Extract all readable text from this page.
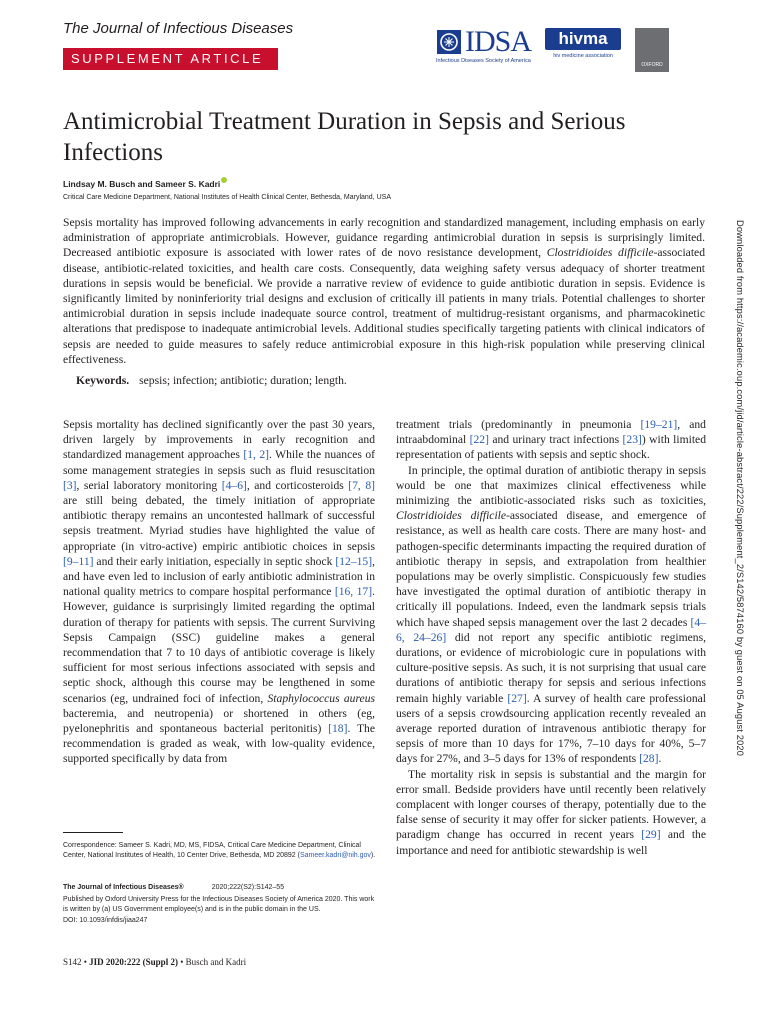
The Journal of Infectious Diseases
SUPPLEMENT ARTICLE
IDSA
Infectious Diseases Society of America
hivma
hiv medicine association
OXFORD
Antimicrobial Treatment Duration in Sepsis and Serious Infections
Lindsay M. Busch and Sameer S. Kadri
Critical Care Medicine Department, National Institutes of Health Clinical Center, Bethesda, Maryland, USA

Sepsis mortality has improved following advancements in early recognition and standardized management, including emphasis on early administration of appropriate antimicrobials. However, guidance regarding antimicrobial duration in sepsis is surprisingly limited. Decreased antibiotic exposure is associated with lower rates of de novo resistance development, Clostridioides difficile-associated disease, antibiotic-related toxicities, and health care costs. Consequently, data weighing safety versus adequacy of shorter treatment durations in sepsis would be beneficial. We provide a narrative review of evidence to guide antibiotic duration in sepsis. Evidence is significantly limited by noninferiority trial designs and exclusion of critically ill patients in many trials. Potential challenges to shorter antimicrobial duration in sepsis include inadequate source control, treatment of multidrug-resistant organisms, and pharmacokinetic alterations that predispose to inadequate antimicrobial levels. Additional studies specifically targeting patients with clinical indicators of sepsis are needed to guide measures to safely reduce antimicrobial exposure in this high-risk population while preserving clinical effectiveness.

Keywords. sepsis; infection; antibiotic; duration; length.

Sepsis mortality has declined significantly over the past 30 years, driven largely by improvements in early recognition and standardized management approaches [1, 2]. While the nuances of some management strategies in sepsis such as fluid resuscitation [3], serial laboratory monitoring [4–6], and corticosteroids [7, 8] are still being debated, the timely initiation of appropriate antibiotic therapy remains an uncontested hallmark of successful sepsis treatment. Myriad studies have highlighted the value of appropriate (in vitro-active) empiric antibiotic choices in sepsis [9–11] and their early initiation, especially in septic shock [12–15], and have even led to inclusion of early antibiotic administration in national quality metrics to compare hospital performance [16, 17]. However, guidance is surprisingly limited regarding the optimal duration of therapy for patients with sepsis. The current Surviving Sepsis Campaign (SSC) guideline makes a general recommendation that 7 to 10 days of antibiotic coverage is likely sufficient for most serious infections associated with sepsis and septic shock, although this course may be lengthened in some scenarios (eg, undrained foci of infection, Staphylococcus aureus bacteremia, and neutropenia) or shortened in others (eg, pyelonephritis and spontaneous bacterial peritonitis) [18]. The recommendation is graded as weak, with low-quality evidence, supported specifically by data from

treatment trials (predominantly in pneumonia [19–21], and intraabdominal [22] and urinary tract infections [23]) with limited representation of patients with sepsis and septic shock.

In principle, the optimal duration of antibiotic therapy in sepsis would be one that maximizes clinical effectiveness while minimizing the antibiotic-associated risks such as toxicities, Clostridioides difficile-associated disease, and emergence of resistance, as well as health care costs. There are many host- and pathogen-specific determinants impacting the required duration of antibiotic therapy in sepsis, and extrapolation from healthier populations may be overly simplistic. Conspicuously few studies have investigated the optimal duration of antibiotic therapy in critically ill populations. Indeed, even the landmark sepsis trials which have shaped sepsis management over the last 2 decades [4–6, 24–26] did not report any specific antibiotic regimens, durations, or evidence of microbiologic cure in populations with culture-positive sepsis. As such, it is not surprising that usual care durations of antibiotic therapy for sepsis and serious infections remain highly variable [27]. A survey of health care professional users of a sepsis crowdsourcing application recently revealed an average reported duration of intravenous antibiotic therapy for sepsis of more than 10 days for 17%, 7–10 days for 40%, 5–7 days for 27%, and 3–5 days for 13% of respondents [28].

The mortality risk in sepsis is substantial and the margin for error small. Bedside providers have until recently been relatively complacent with longer courses of therapy, potentially due to the false sense of security it may offer for sicker patients. However, a paradigm change has occurred in recent years [29] and the importance and need for antibiotic stewardship is well

Correspondence: Sameer S. Kadri, MD, MS, FIDSA, Critical Care Medicine Department, Clinical Center, National Institutes of Health, 10 Center Drive, Bethesda, MD 20892 (Sameer.kadri@nih.gov).
The Journal of Infectious Diseases®	2020;222(S2):S142–55
Published by Oxford University Press for the Infectious Diseases Society of America 2020. This work is written by (a) US Government employee(s) and is in the public domain in the US.
DOI: 10.1093/infdis/jiaa247
S142 • JID 2020:222 (Suppl 2) • Busch and Kadri
Downloaded from https://academic.oup.com/jid/article-abstract/222/Supplement_2/S142/5874160 by guest on 05 August 2020
